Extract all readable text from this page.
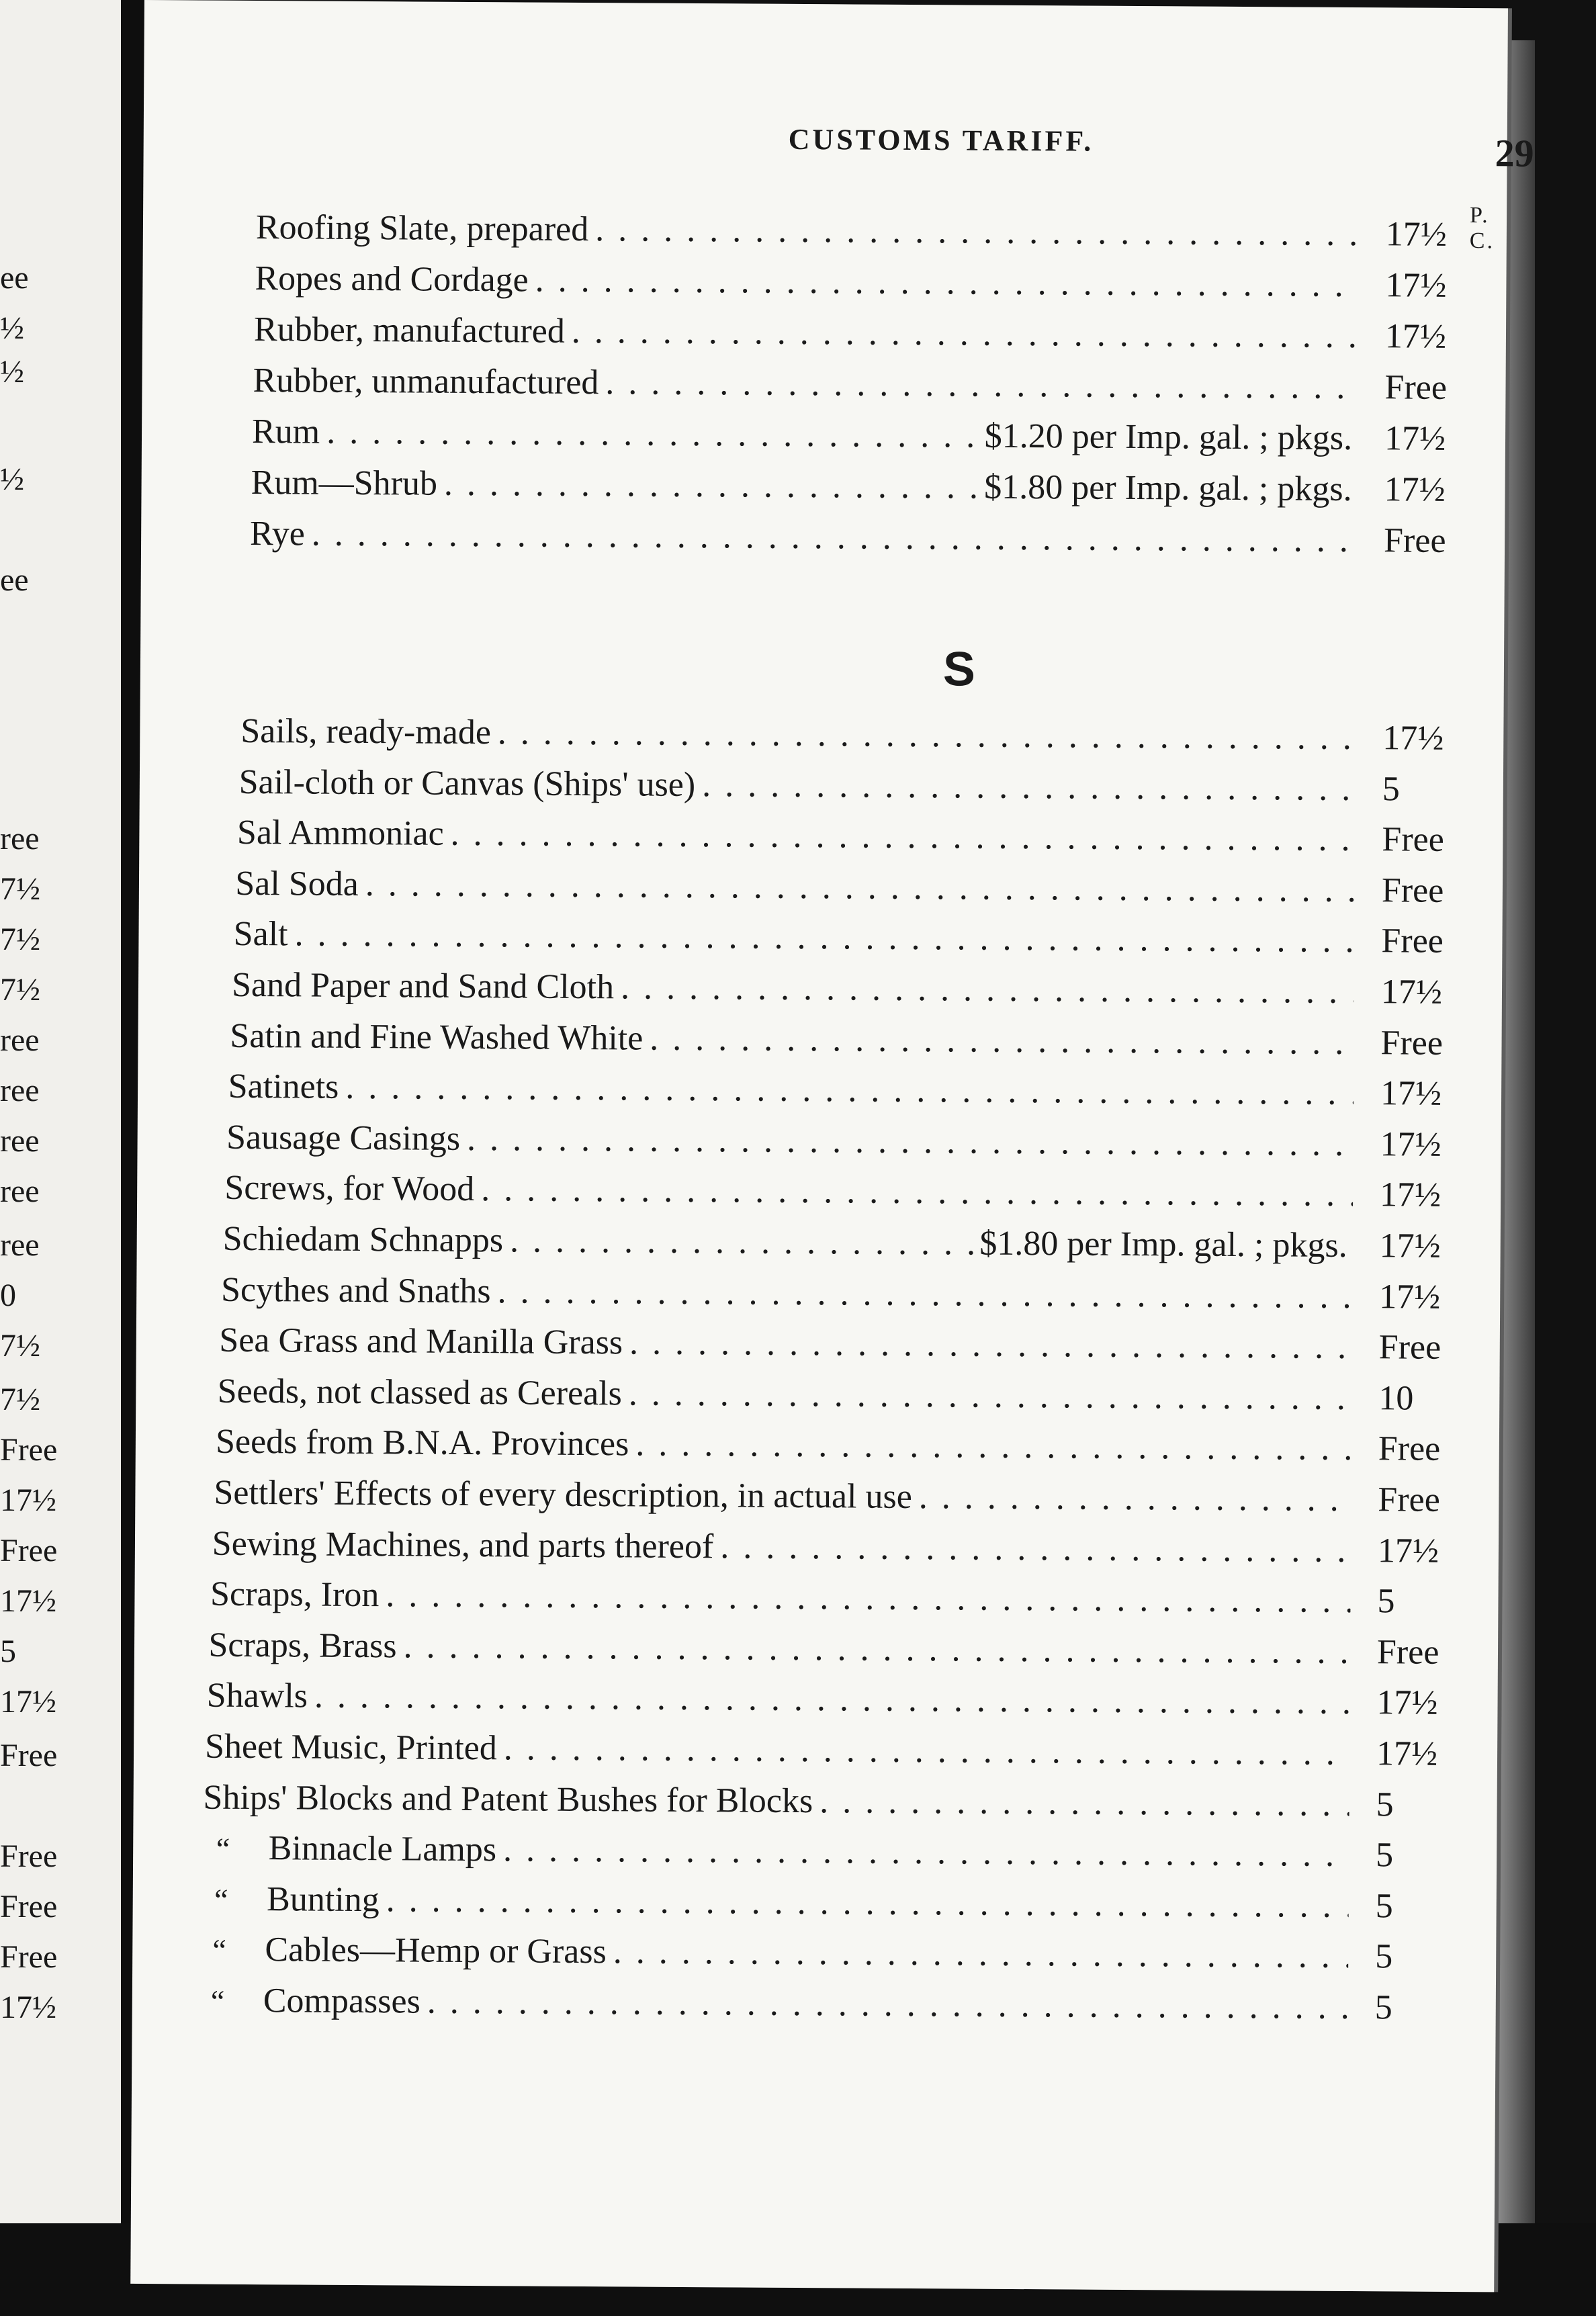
ee
½
½
½
ee
ree
7½
7½
7½
ree
ree
ree
ree
ree
0
7½
7½
Free
17½
Free
17½
5
17½
Free
Free
Free
Free
17½
CUSTOMS TARIFF.	29
P. C.
Roofing Slate, prepared . . .	17½
Ropes and Cordage . . .	17½
Rubber, manufactured . . .	17½
Rubber, unmanufactured . . .	Free
Rum . . .	$1.20 per Imp. gal. ; pkgs. 17½
Rum—Shrub . . .	$1.80 per Imp. gal. ; pkgs. 17½
Rye . . .	Free
S
Sails, ready-made . . .	17½
Sail-cloth or Canvas (Ships' use) . . .	5
Sal Ammoniac . . .	Free
Sal Soda . . .	Free
Salt . . .	Free
Sand Paper and Sand Cloth . . .	17½
Satin and Fine Washed White . . .	Free
Satinets . . .	17½
Sausage Casings . . .	17½
Screws, for Wood . . .	17½
Schiedam Schnapps . . .	$1.80 per Imp. gal. ; pkgs. 17½
Scythes and Snaths . . .	17½
Sea Grass and Manilla Grass . . .	Free
Seeds, not classed as Cereals . . .	10
Seeds from B.N.A. Provinces . . .	Free
Settlers' Effects of every description, in actual use . . .	Free
Sewing Machines, and parts thereof . . .	17½
Scraps, Iron . . .	5
Scraps, Brass . . .	Free
Shawls . . .	17½
Sheet Music, Printed . . .	17½
Ships' Blocks and Patent Bushes for Blocks . . .	5
“	Binnacle Lamps . . .	5
“	Bunting . . .	5
“	Cables—Hemp or Grass . . .	5
“	Compasses . . .	5
